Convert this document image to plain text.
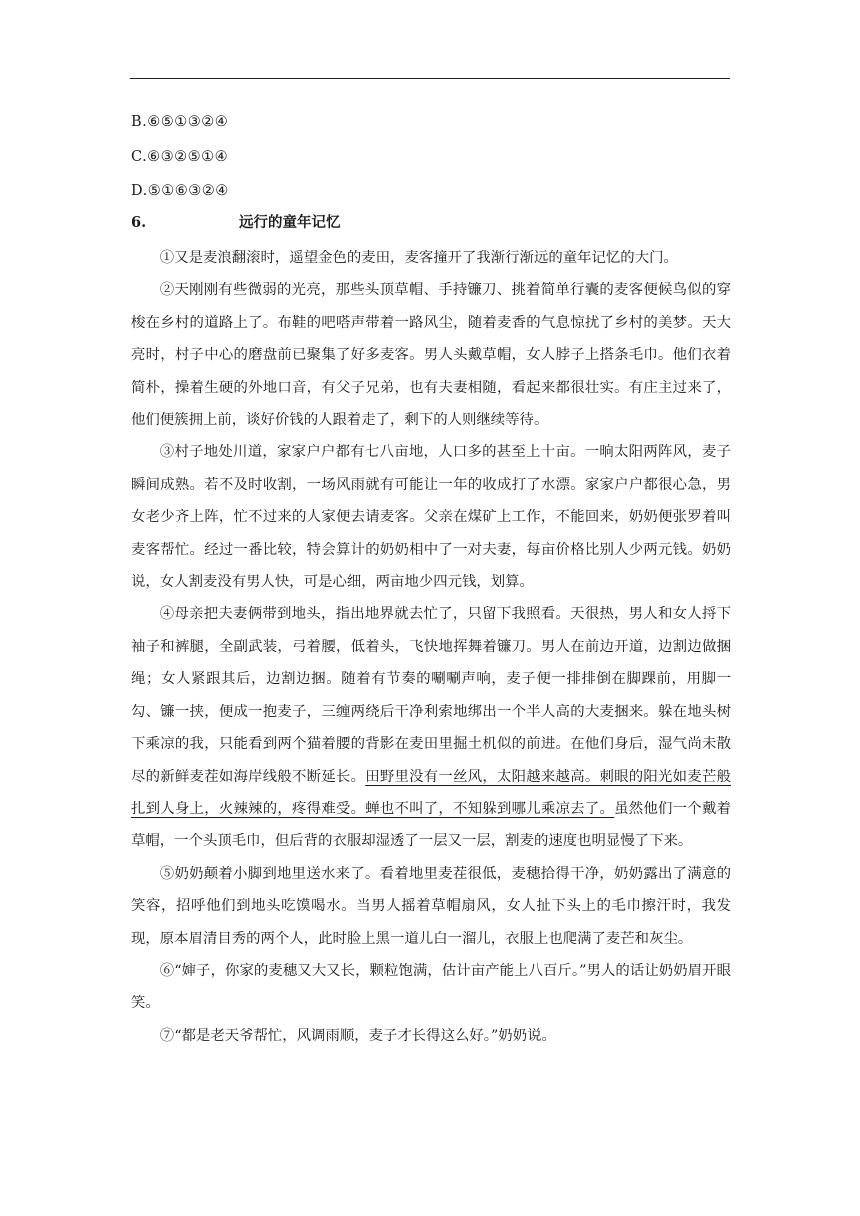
B.⑥⑤①③②④
C.⑥③②⑤①④
D.⑤①⑥③②④
6.	远行的童年记忆

①又是麦浪翻滚时，遥望金色的麦田，麦客撞开了我渐行渐远的童年记忆的大门。

②天刚刚有些微弱的光亮，那些头顶草帽、手持镰刀、挑着简单行囊的麦客便候鸟似的穿梭在乡村的道路上了。布鞋的吧嗒声带着一路风尘，随着麦香的气息惊扰了乡村的美梦。天大亮时，村子中心的磨盘前已聚集了好多麦客。男人头戴草帽，女人脖子上搭条毛巾。他们衣着简朴，操着生硬的外地口音，有父子兄弟，也有夫妻相随，看起来都很壮实。有庄主过来了，他们便簇拥上前，谈好价钱的人跟着走了，剩下的人则继续等待。

③村子地处川道，家家户户都有七八亩地，人口多的甚至上十亩。一晌太阳两阵风，麦子瞬间成熟。若不及时收割，一场风雨就有可能让一年的收成打了水漂。家家户户都很心急，男女老少齐上阵，忙不过来的人家便去请麦客。父亲在煤矿上工作，不能回来，奶奶便张罗着叫麦客帮忙。经过一番比较，特会算计的奶奶相中了一对夫妻，每亩价格比别人少两元钱。奶奶说，女人割麦没有男人快，可是心细，两亩地少四元钱，划算。

④母亲把夫妻俩带到地头，指出地界就去忙了，只留下我照看。天很热，男人和女人捋下袖子和裤腿，全副武装，弓着腰，低着头，飞快地挥舞着镰刀。男人在前边开道，边割边做捆绳；女人紧跟其后，边割边捆。随着有节奏的唰唰声响，麦子便一排排倒在脚踝前，用脚一勾、镰一挟，便成一抱麦子，三缠两绕后干净利索地绑出一个半人高的大麦捆来。躲在地头树下乘凉的我，只能看到两个猫着腰的背影在麦田里掘土机似的前进。在他们身后，湿气尚未散尽的新鲜麦茬如海岸线般不断延长。田野里没有一丝风，太阳越来越高。刺眼的阳光如麦芒般扎到人身上，火辣辣的，疼得难受。蝉也不叫了，不知躲到哪儿乘凉去了。虽然他们一个戴着草帽，一个头顶毛巾，但后背的衣服却湿透了一层又一层，割麦的速度也明显慢了下来。

⑤奶奶颠着小脚到地里送水来了。看着地里麦茬很低，麦穗拾得干净，奶奶露出了满意的笑容，招呼他们到地头吃馍喝水。当男人摇着草帽扇风，女人扯下头上的毛巾擦汗时，我发现，原本眉清目秀的两个人，此时脸上黑一道儿白一溜儿，衣服上也爬满了麦芒和灰尘。

⑥“婶子，你家的麦穗又大又长，颗粒饱满，估计亩产能上八百斤。”男人的话让奶奶眉开眼笑。

⑦“都是老天爷帮忙，风调雨顺，麦子才长得这么好。”奶奶说。
